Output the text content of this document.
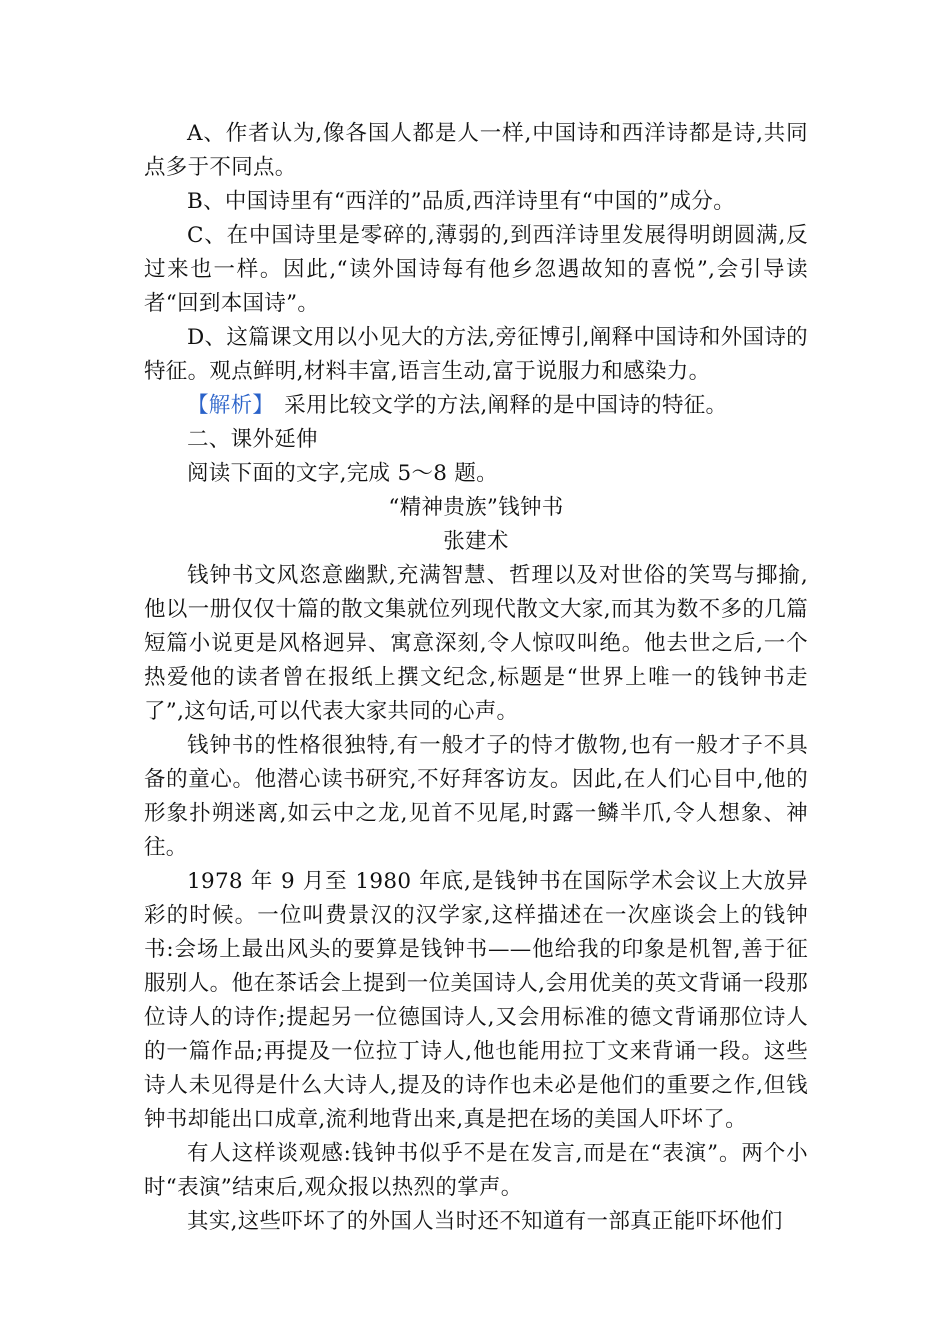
A、作者认为,像各国人都是人一样,中国诗和西洋诗都是诗,共同点多于不同点。

B、中国诗里有“西洋的”品质,西洋诗里有“中国的”成分。

C、在中国诗里是零碎的,薄弱的,到西洋诗里发展得明朗圆满,反过来也一样。因此,“读外国诗每有他乡忽遇故知的喜悦”,会引导读者“回到本国诗”。

D、这篇课文用以小见大的方法,旁征博引,阐释中国诗和外国诗的特征。观点鲜明,材料丰富,语言生动,富于说服力和感染力。

【解析】 采用比较文学的方法,阐释的是中国诗的特征。

二、课外延伸

阅读下面的文字,完成 5～8 题。

“精神贵族”钱钟书

张建术

钱钟书文风恣意幽默,充满智慧、哲理以及对世俗的笑骂与揶揄,他以一册仅仅十篇的散文集就位列现代散文大家,而其为数不多的几篇短篇小说更是风格迥异、寓意深刻,令人惊叹叫绝。他去世之后,一个热爱他的读者曾在报纸上撰文纪念,标题是“世界上唯一的钱钟书走了”,这句话,可以代表大家共同的心声。

钱钟书的性格很独特,有一般才子的恃才傲物,也有一般才子不具备的童心。他潜心读书研究,不好拜客访友。因此,在人们心目中,他的形象扑朔迷离,如云中之龙,见首不见尾,时露一鳞半爪,令人想象、神往。

1978 年 9 月至 1980 年底,是钱钟书在国际学术会议上大放异彩的时候。一位叫费景汉的汉学家,这样描述在一次座谈会上的钱钟书:会场上最出风头的要算是钱钟书——他给我的印象是机智,善于征服别人。他在茶话会上提到一位美国诗人,会用优美的英文背诵一段那位诗人的诗作;提起另一位德国诗人,又会用标准的德文背诵那位诗人的一篇作品;再提及一位拉丁诗人,他也能用拉丁文来背诵一段。这些诗人未见得是什么大诗人,提及的诗作也未必是他们的重要之作,但钱钟书却能出口成章,流利地背出来,真是把在场的美国人吓坏了。

有人这样谈观感:钱钟书似乎不是在发言,而是在“表演”。两个小时“表演”结束后,观众报以热烈的掌声。

其实,这些吓坏了的外国人当时还不知道有一部真正能吓坏他们
